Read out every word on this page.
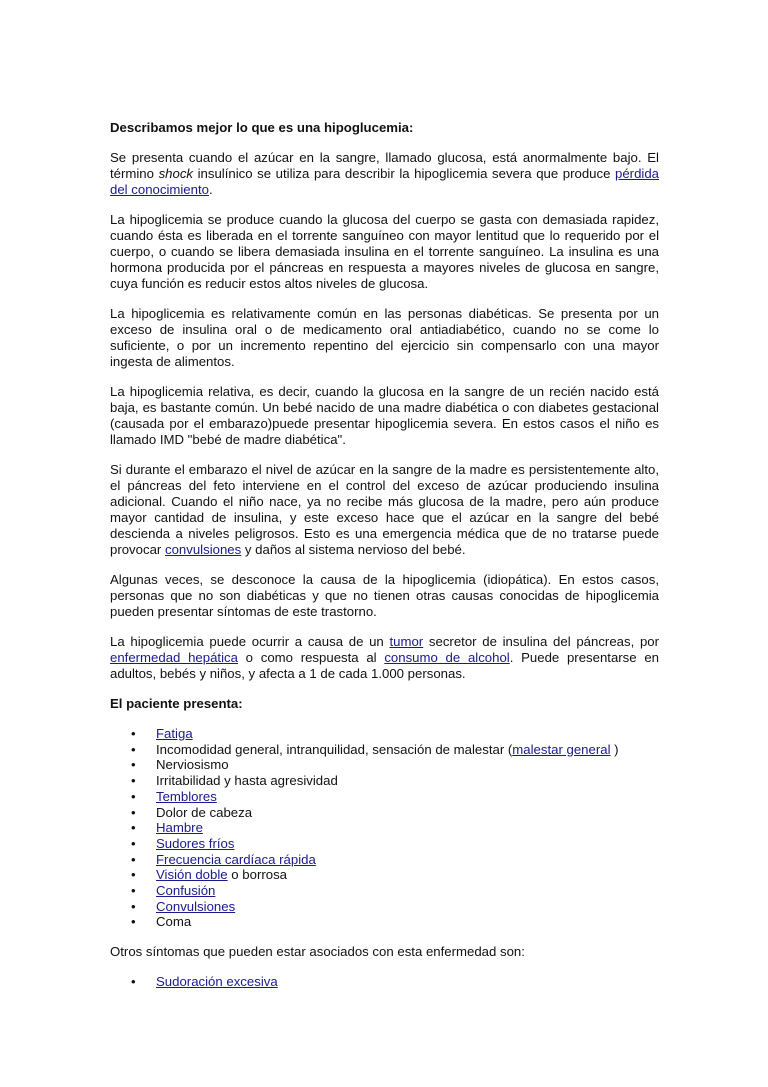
Describamos mejor lo que es una hipoglucemia:

Se presenta cuando el azúcar en la sangre, llamado glucosa, está anormalmente bajo. El término shock insulínico se utiliza para describir la hipoglicemia severa que produce pérdida del conocimiento.

La hipoglicemia se produce cuando la glucosa del cuerpo se gasta con demasiada rapidez, cuando ésta es liberada en el torrente sanguíneo con mayor lentitud que lo requerido por el cuerpo, o cuando se libera demasiada insulina en el torrente sanguíneo. La insulina es una hormona producida por el páncreas en respuesta a mayores niveles de glucosa en sangre, cuya función es reducir estos altos niveles de glucosa.

La hipoglicemia es relativamente común en las personas diabéticas. Se presenta por un exceso de insulina oral o de medicamento oral antiadiabético, cuando no se come lo suficiente, o por un incremento repentino del ejercicio sin compensarlo con una mayor ingesta de alimentos.

La hipoglicemia relativa, es decir, cuando la glucosa en la sangre de un recién nacido está baja, es bastante común. Un bebé nacido de una madre diabética o con diabetes gestacional (causada por el embarazo)puede presentar hipoglicemia severa. En estos casos el niño es llamado IMD "bebé de madre diabética".

Si durante el embarazo el nivel de azúcar en la sangre de la madre es persistentemente alto, el páncreas del feto interviene en el control del exceso de azúcar produciendo insulina adicional. Cuando el niño nace, ya no recibe más glucosa de la madre, pero aún produce mayor cantidad de insulina, y este exceso hace que el azúcar en la sangre del bebé descienda a niveles peligrosos. Esto es una emergencia médica que de no tratarse puede provocar convulsiones y daños al sistema nervioso del bebé.

Algunas veces, se desconoce la causa de la hipoglicemia (idiopática). En estos casos, personas que no son diabéticas y que no tienen otras causas conocidas de hipoglicemia pueden presentar síntomas de este trastorno.

La hipoglicemia puede ocurrir a causa de un tumor secretor de insulina del páncreas, por enfermedad hepática o como respuesta al consumo de alcohol. Puede presentarse en adultos, bebés y niños, y afecta a 1 de cada 1.000 personas.

El paciente presenta:
• Fatiga
• Incomodidad general, intranquilidad, sensación de malestar (malestar general )
• Nerviosismo
• Irritabilidad y hasta agresividad
• Temblores
• Dolor de cabeza
• Hambre
• Sudores fríos
• Frecuencia cardíaca rápida
• Visión doble o borrosa
• Confusión
• Convulsiones
• Coma

Otros síntomas que pueden estar asociados con esta enfermedad son:

• Sudoración excesiva
